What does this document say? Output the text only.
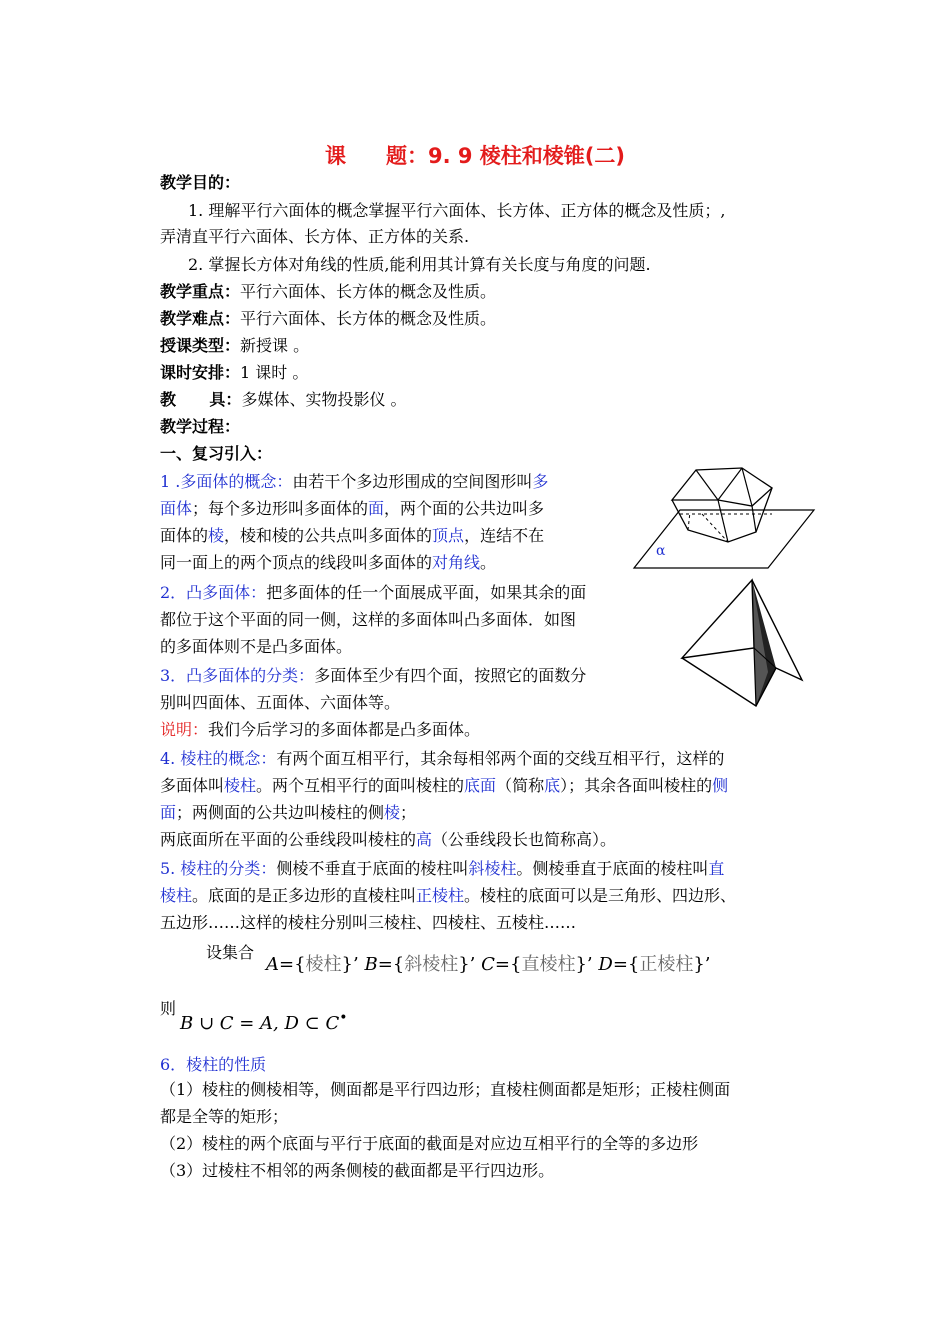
课 题：9. 9 棱柱和棱锥(二)
教学目的：
1. 理解平行六面体的概念掌握平行六面体、长方体、正方体的概念及性质；,
弄清直平行六面体、长方体、正方体的关系.
2. 掌握长方体对角线的性质,能利用其计算有关长度与角度的问题.
教学重点：平行六面体、长方体的概念及性质。
教学难点：平行六面体、长方体的概念及性质。
授课类型：新授课 。
课时安排：1 课时 。
教      具：多媒体、实物投影仪 。
教学过程：
一、复习引入：
1 .多面体的概念：由若干个多边形围成的空间图形叫多
面体；每个多边形叫多面体的面，两个面的公共边叫多
面体的棱，棱和棱的公共点叫多面体的顶点，连结不在
同一面上的两个顶点的线段叫多面体的对角线。
2．凸多面体：把多面体的任一个面展成平面，如果其余的面
都位于这个平面的同一侧，这样的多面体叫凸多面体．如图
的多面体则不是凸多面体。
3．凸多面体的分类：多面体至少有四个面，按照它的面数分
别叫四面体、五面体、六面体等。
说明：我们今后学习的多面体都是凸多面体。
4. 棱柱的概念：有两个面互相平行，其余每相邻两个面的交线互相平行，这样的
多面体叫棱柱。两个互相平行的面叫棱柱的底面（简称底）；其余各面叫棱柱的侧
面；两侧面的公共边叫棱柱的侧棱；
两底面所在平面的公垂线段叫棱柱的高（公垂线段长也简称高）。
5. 棱柱的分类：侧棱不垂直于底面的棱柱叫斜棱柱。侧棱垂直于底面的棱柱叫直
棱柱。底面的是正多边形的直棱柱叫正棱柱。棱柱的底面可以是三角形、四边形、
五边形……这样的棱柱分别叫三棱柱、四棱柱、五棱柱……
设集合
A={棱柱}’ B={斜棱柱}’ C={直棱柱}’ D={正棱柱}’
则
B ∪ C = A, D ⊂ C•
6．棱柱的性质
（1）棱柱的侧棱相等，侧面都是平行四边形；直棱柱侧面都是矩形；正棱柱侧面
都是全等的矩形；
（2）棱柱的两个底面与平行于底面的截面是对应边互相平行的全等的多边形
（3）过棱柱不相邻的两条侧棱的截面都是平行四边形。
α
